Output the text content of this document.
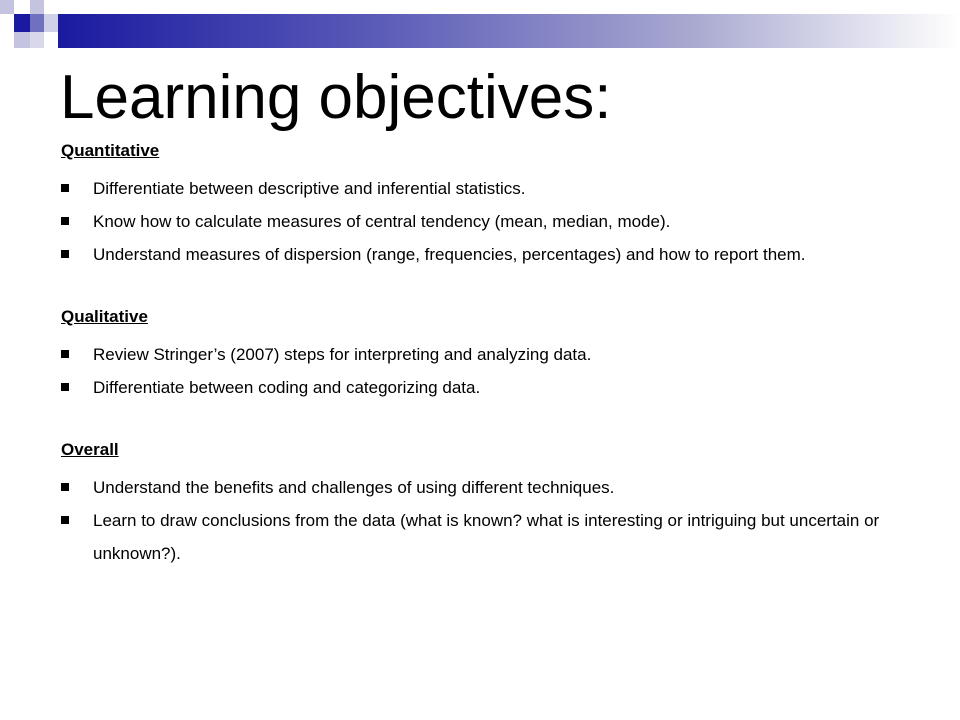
Learning objectives:
Quantitative
Differentiate between descriptive and inferential statistics.
Know how to calculate measures of central tendency (mean, median, mode).
Understand measures of dispersion (range, frequencies, percentages) and how to report them.
Qualitative
Review Stringer’s (2007) steps for interpreting and analyzing data.
Differentiate between coding and categorizing data.
Overall
Understand the benefits and challenges of using different techniques.
Learn to draw conclusions from the data (what is known? what is interesting or intriguing but uncertain or unknown?).
